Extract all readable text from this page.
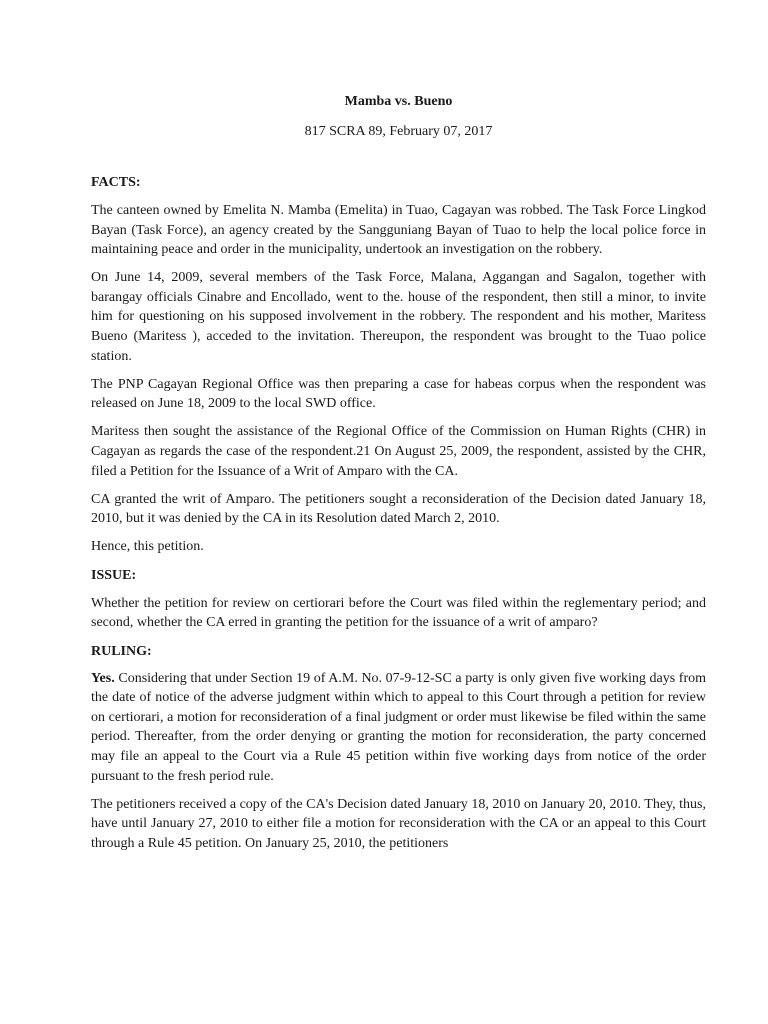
Mamba vs. Bueno
817 SCRA 89, February 07, 2017
FACTS:

The canteen owned by Emelita N. Mamba (Emelita) in Tuao, Cagayan was robbed. The Task Force Lingkod Bayan (Task Force), an agency created by the Sangguniang Bayan of Tuao to help the local police force in maintaining peace and order in the municipality, undertook an investigation on the robbery.

On June 14, 2009, several members of the Task Force, Malana, Aggangan and Sagalon, together with barangay officials Cinabre and Encollado, went to the. house of the respondent, then still a minor, to invite him for questioning on his supposed involvement in the robbery. The respondent and his mother, Maritess Bueno (Maritess ), acceded to the invitation. Thereupon, the respondent was brought to the Tuao police station.

The PNP Cagayan Regional Office was then preparing a case for habeas corpus when the respondent was released on June 18, 2009 to the local SWD office.

Maritess then sought the assistance of the Regional Office of the Commission on Human Rights (CHR) in Cagayan as regards the case of the respondent.21 On August 25, 2009, the respondent, assisted by the CHR, filed a Petition for the Issuance of a Writ of Amparo with the CA.

CA granted the writ of Amparo. The petitioners sought a reconsideration of the Decision dated January 18, 2010, but it was denied by the CA in its Resolution dated March 2, 2010.

Hence, this petition.

ISSUE:

Whether the petition for review on certiorari before the Court was filed within the reglementary period; and second, whether the CA erred in granting the petition for the issuance of a writ of amparo?

RULING:

Yes. Considering that under Section 19 of A.M. No. 07-9-12-SC a party is only given five working days from the date of notice of the adverse judgment within which to appeal to this Court through a petition for review on certiorari, a motion for reconsideration of a final judgment or order must likewise be filed within the same period. Thereafter, from the order denying or granting the motion for reconsideration, the party concerned may file an appeal to the Court via a Rule 45 petition within five working days from notice of the order pursuant to the fresh period rule.

The petitioners received a copy of the CA's Decision dated January 18, 2010 on January 20, 2010. They, thus, have until January 27, 2010 to either file a motion for reconsideration with the CA or an appeal to this Court through a Rule 45 petition. On January 25, 2010, the petitioners
